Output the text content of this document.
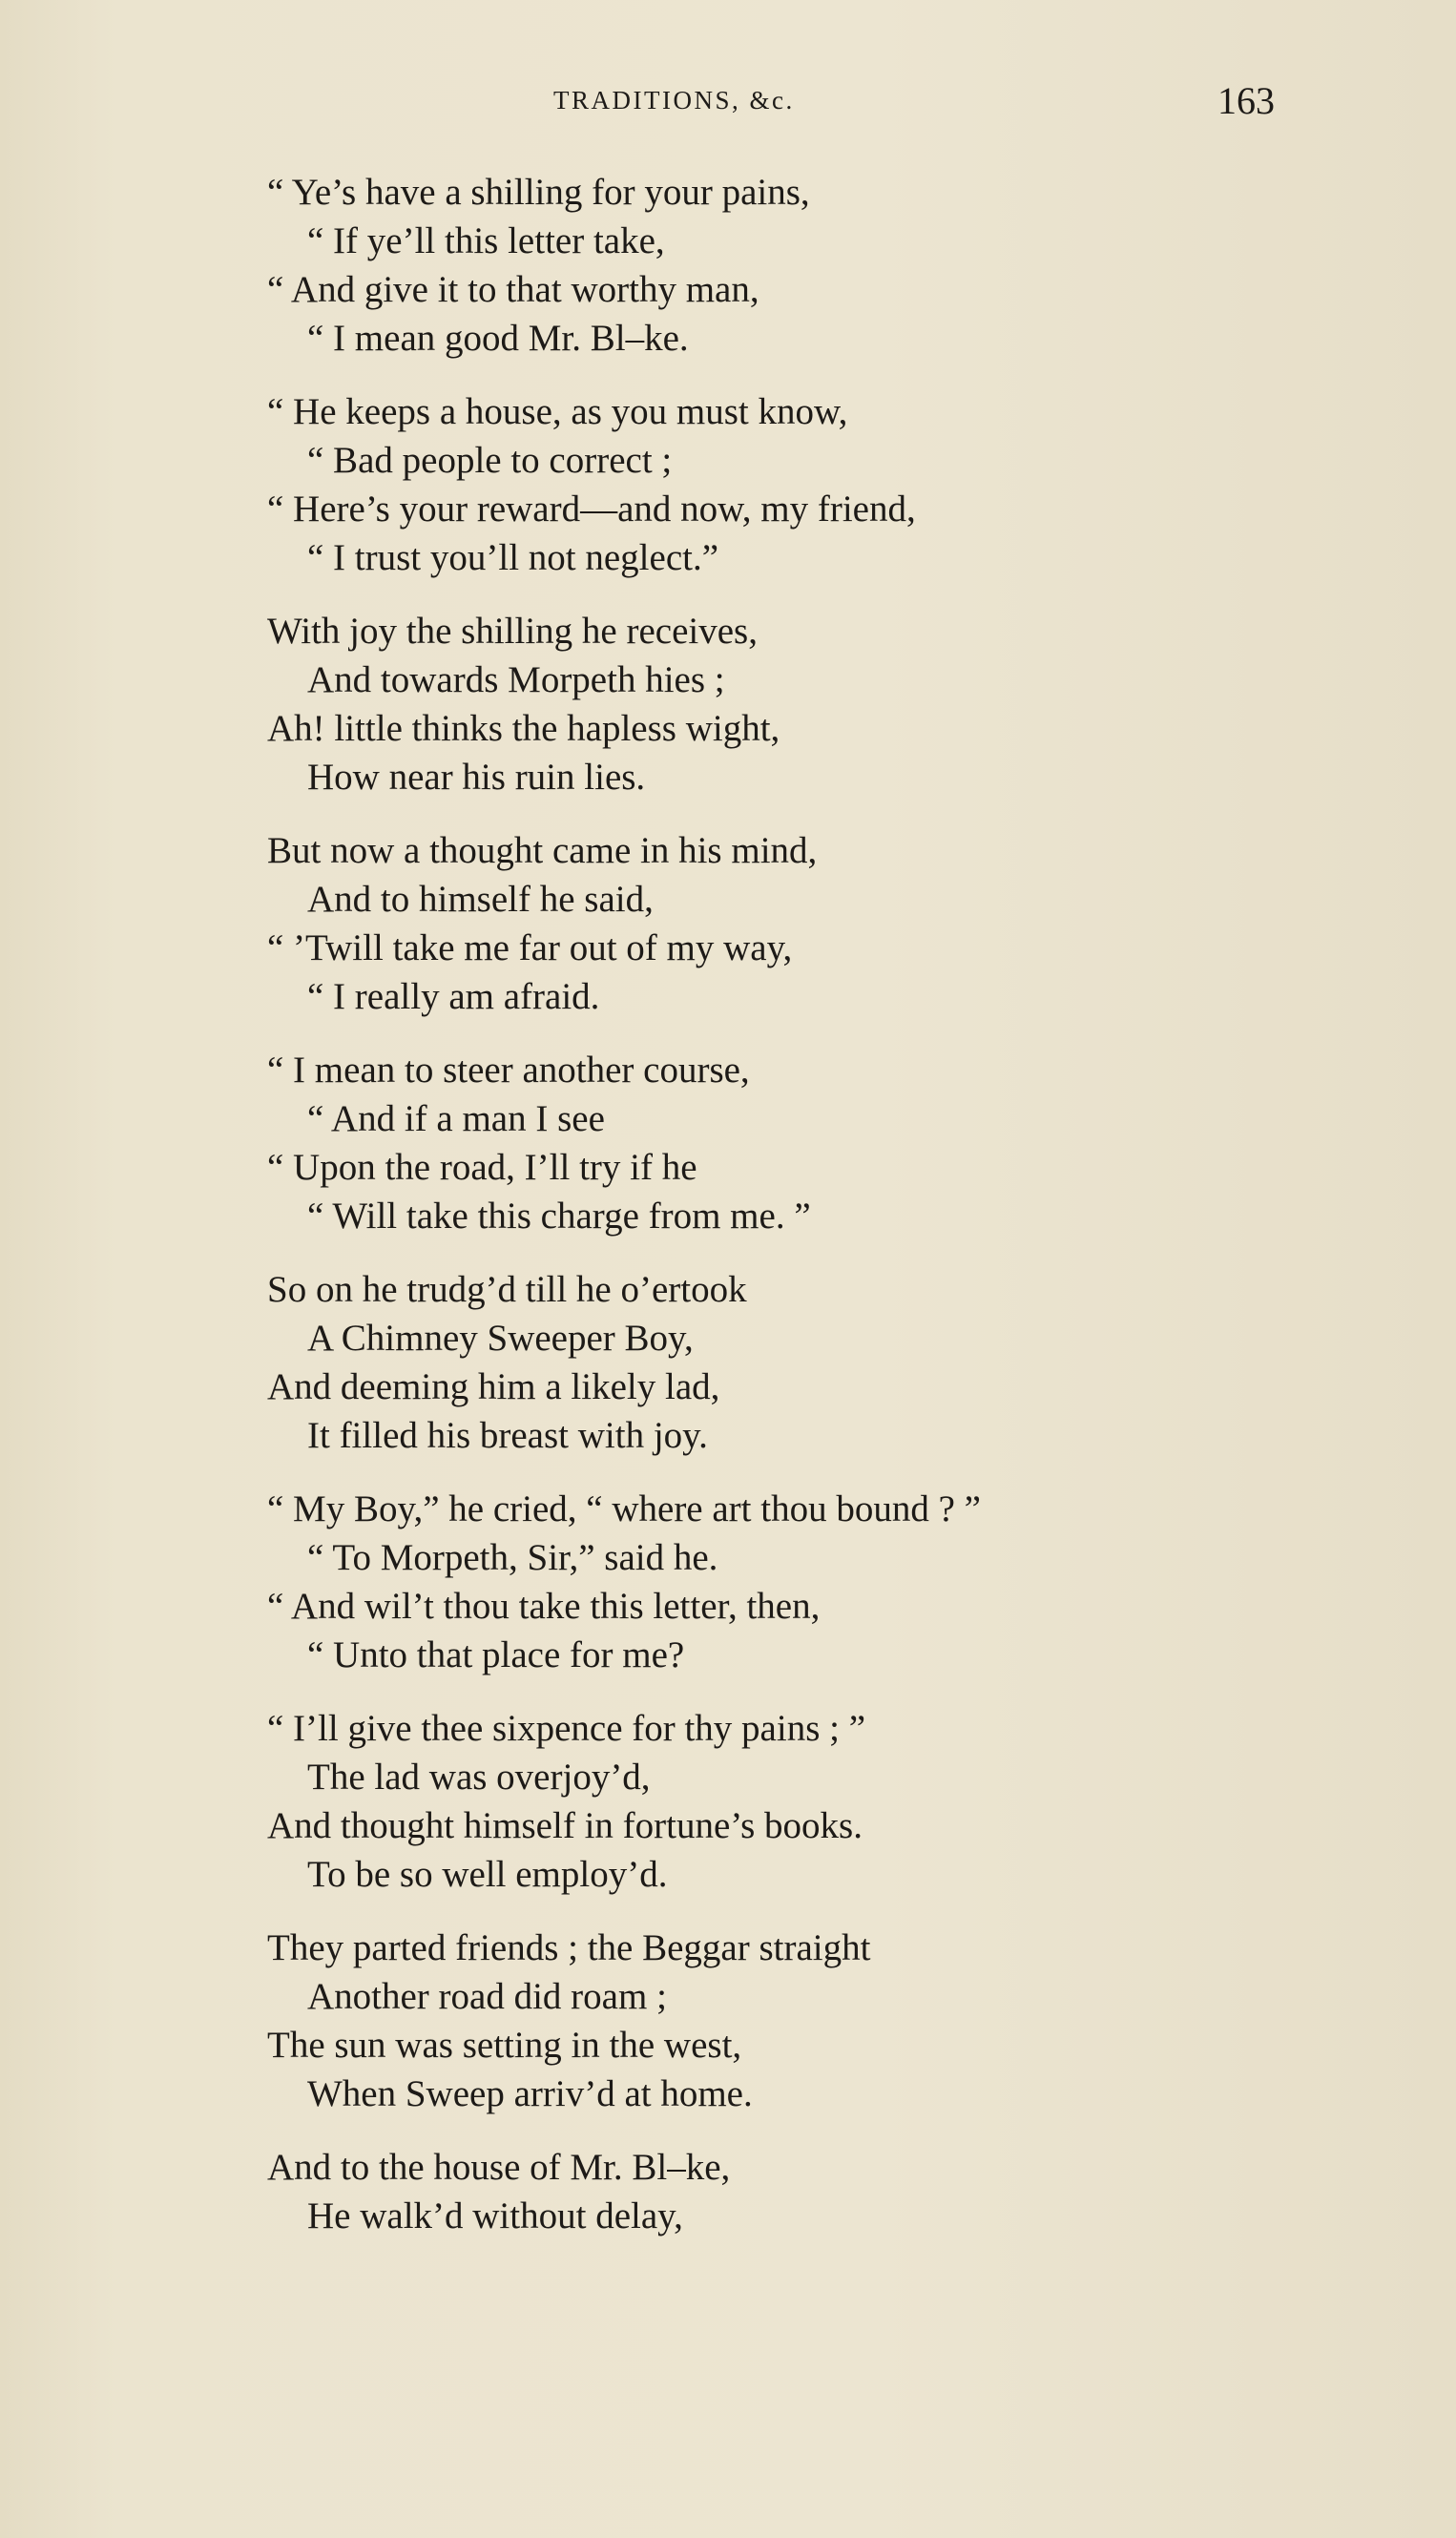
TRADITIONS, &c.	163
“ Ye’s have a shilling for your pains,
“ If ye’ll this letter take,
“ And give it to that worthy man,
“ I mean good Mr. Bl–ke.
“ He keeps a house, as you must know,
“ Bad people to correct ;
“ Here’s your reward—and now, my friend,
“ I trust you’ll not neglect.”
With joy the shilling he receives,
And towards Morpeth hies ;
Ah! little thinks the hapless wight,
How near his ruin lies.
But now a thought came in his mind,
And to himself he said,
“ ’Twill take me far out of my way,
“ I really am afraid.
“ I mean to steer another course,
“ And if a man I see
“ Upon the road, I’ll try if he
“ Will take this charge from me. ”
So on he trudg’d till he o’ertook
A Chimney Sweeper Boy,
And deeming him a likely lad,
It filled his breast with joy.
“ My Boy,” he cried, “ where art thou bound ? ”
“ To Morpeth, Sir,” said he.
“ And wil’t thou take this letter, then,
“ Unto that place for me?
“ I’ll give thee sixpence for thy pains ; ”
The lad was overjoy’d,
And thought himself in fortune’s books.
To be so well employ’d.
They parted friends ; the Beggar straight
Another road did roam ;
The sun was setting in the west,
When Sweep arriv’d at home.
And to the house of Mr. Bl–ke,
He walk’d without delay,
